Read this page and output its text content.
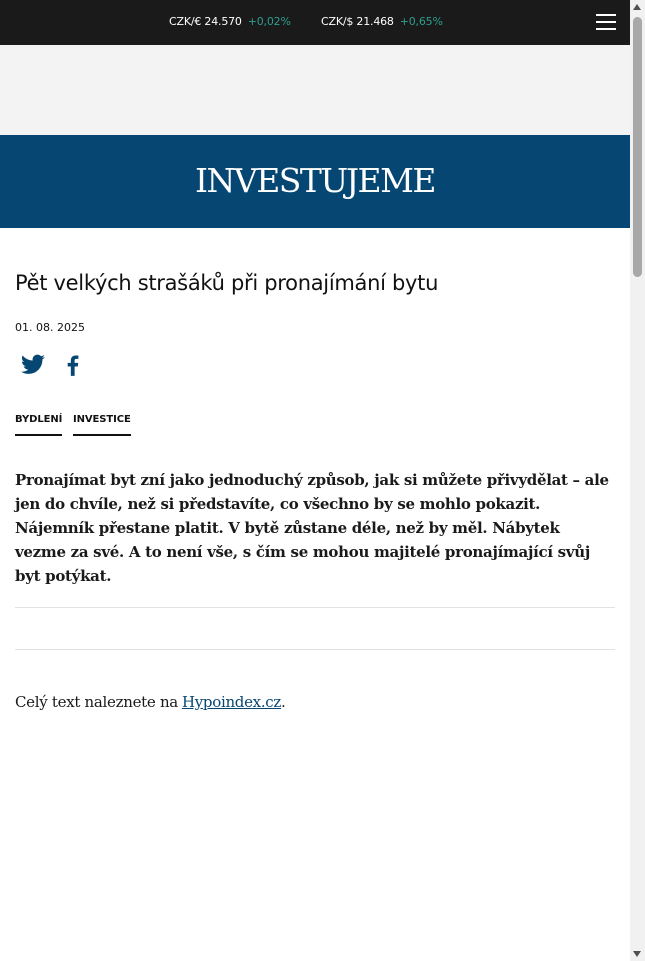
CZK/€ 24.570 +0,02%	CZK/$ 21.468 +0,65%
INVESTUJEME
Pět velkých strašáků při pronajímání bytu
01. 08. 2025
BYDLENÍ INVESTICE

Pronajímat byt zní jako jednoduchý způsob, jak si můžete přivydělat – ale jen do chvíle, než si představíte, co všechno by se mohlo pokazit. Nájemník přestane platit. V bytě zůstane déle, než by měl. Nábytek vezme za své. A to není vše, s čím se mohou majitelé pronajímající svůj byt potýkat.

Celý text naleznete na Hypoindex.cz.
